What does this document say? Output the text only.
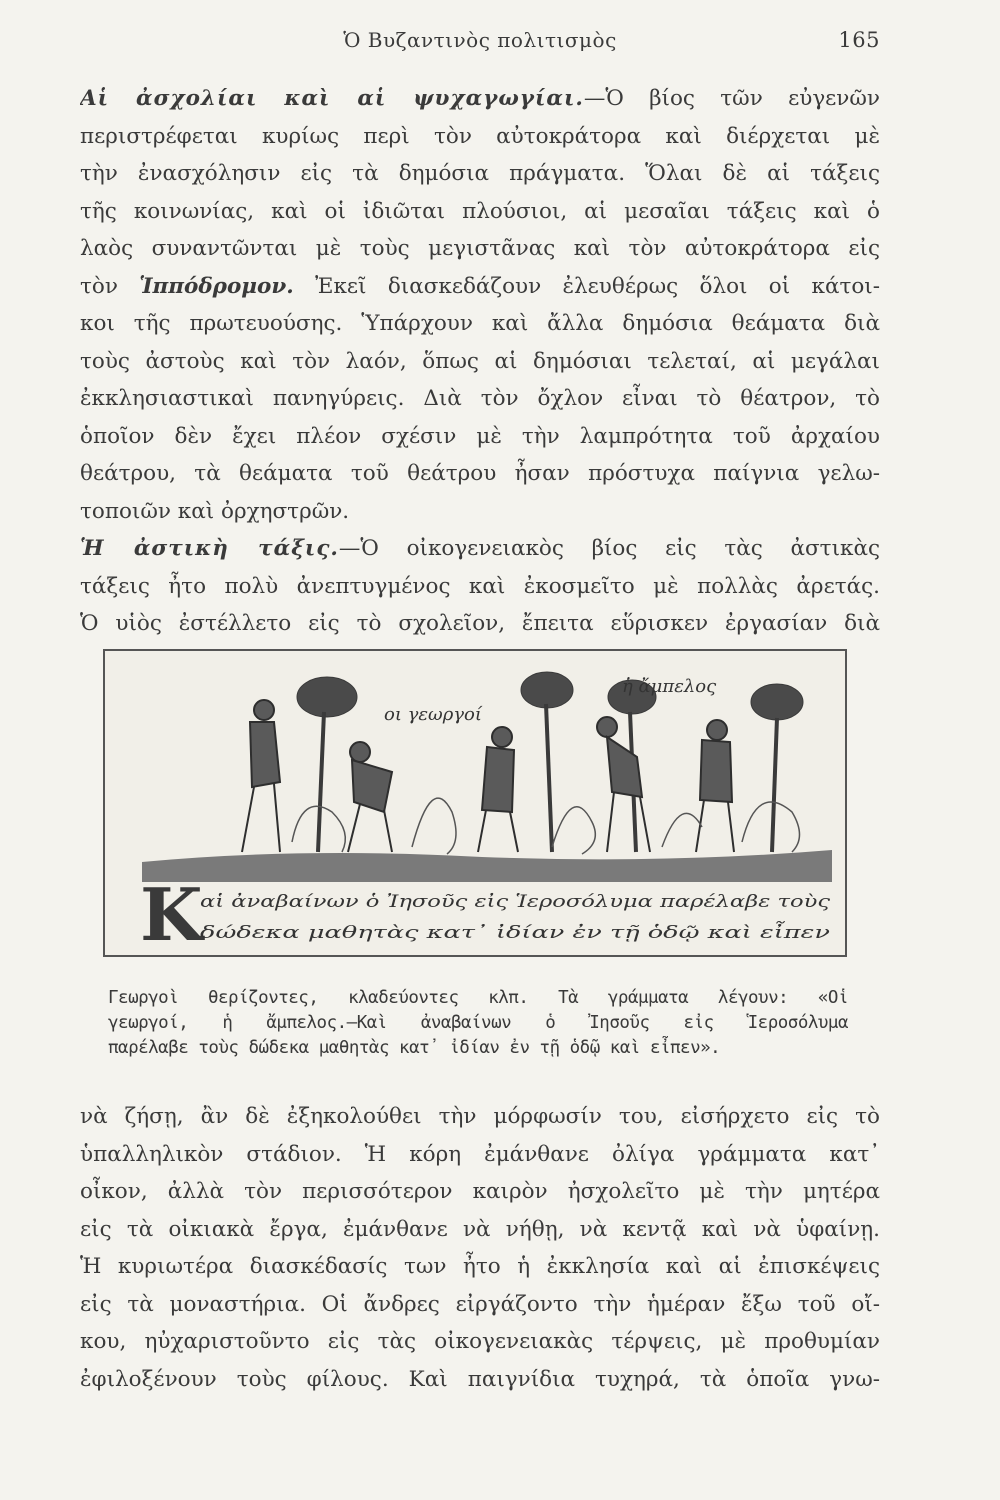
Ὁ Βυζαντινὸς πολιτισμὸς	165
Αἱ ἀσχολίαι καὶ αἱ ψυχαγωγίαι.—Ὁ βίος τῶν εὐγενῶν
περιστρέφεται κυρίως περὶ τὸν αὐτοκράτορα καὶ διέρχεται μὲ
τὴν ἐνασχόλησιν εἰς τὰ δημόσια πράγματα. Ὅλαι δὲ αἱ τάξεις
τῆς κοινωνίας, καὶ οἱ ἰδιῶται πλούσιοι, αἱ μεσαῖαι τάξεις καὶ ὁ
λαὸς συναντῶνται μὲ τοὺς μεγιστᾶνας καὶ τὸν αὐτοκράτορα εἰς
τὸν Ἱππόδρομον. Ἐκεῖ διασκεδάζουν ἐλευθέρως ὅλοι οἱ κάτοι-
κοι τῆς πρωτευούσης. Ὑπάρχουν καὶ ἄλλα δημόσια θεάματα διὰ
τοὺς ἀστοὺς καὶ τὸν λαόν, ὅπως αἱ δημόσιαι τελεταί, αἱ μεγάλαι
ἐκκλησιαστικαὶ πανηγύρεις. Διὰ τὸν ὄχλον εἶναι τὸ θέατρον, τὸ
ὁποῖον δὲν ἔχει πλέον σχέσιν μὲ τὴν λαμπρότητα τοῦ ἀρχαίου
θεάτρου, τὰ θεάματα τοῦ θεάτρου ἦσαν πρόστυχα παίγνια γελω-
τοποιῶν καὶ ὀρχηστρῶν.
Ἡ ἀστικὴ τάξις.—Ὁ οἰκογενειακὸς βίος εἰς τὰς ἀστικὰς
τάξεις ἦτο πολὺ ἀνεπτυγμένος καὶ ἐκοσμεῖτο μὲ πολλὰς ἀρετάς.
Ὁ υἱὸς ἐστέλλετο εἰς τὸ σχολεῖον, ἔπειτα εὕρισκεν ἐργασίαν διὰ
οι γεωργοί
ἡ ἄμπελος
Κ
αἱ ἀναβαίνων ὁ Ἰησοῦς εἰς Ἱεροσόλυμα παρέλαβε τοὺς
δώδεκα μαθητὰς κατ᾽ ἰδίαν ἐν τῇ ὁδῷ καὶ εἶπεν
Γεωργοὶ θερίζοντες, κλαδεύοντες κλπ. Τὰ γράμματα λέγουν: «Οἱ
γεωργοί, ἡ ἄμπελος.—Καὶ ἀναβαίνων ὁ Ἰησοῦς εἰς Ἱεροσόλυμα
παρέλαβε τοὺς δώδεκα μαθητὰς κατ᾽ ἰδίαν ἐν τῇ ὁδῷ καὶ εἶπεν».
νὰ ζήσῃ, ἂν δὲ ἐξηκολούθει τὴν μόρφωσίν του, εἰσήρχετο εἰς τὸ
ὑπαλληλικὸν στάδιον. Ἡ κόρη ἐμάνθανε ὀλίγα γράμματα κατ᾽
οἶκον, ἀλλὰ τὸν περισσότερον καιρὸν ἠσχολεῖτο μὲ τὴν μητέρα
εἰς τὰ οἰκιακὰ ἔργα, ἐμάνθανε νὰ νήθῃ, νὰ κεντᾷ καὶ νὰ ὑφαίνῃ.
Ἡ κυριωτέρα διασκέδασίς των ἦτο ἡ ἐκκλησία καὶ αἱ ἐπισκέψεις
εἰς τὰ μοναστήρια. Οἱ ἄνδρες εἰργάζοντο τὴν ἡμέραν ἔξω τοῦ οἴ-
κου, ηὐχαριστοῦντο εἰς τὰς οἰκογενειακὰς τέρψεις, μὲ προθυμίαν
ἐφιλοξένουν τοὺς φίλους. Καὶ παιγνίδια τυχηρά, τὰ ὁποῖα γνω-
